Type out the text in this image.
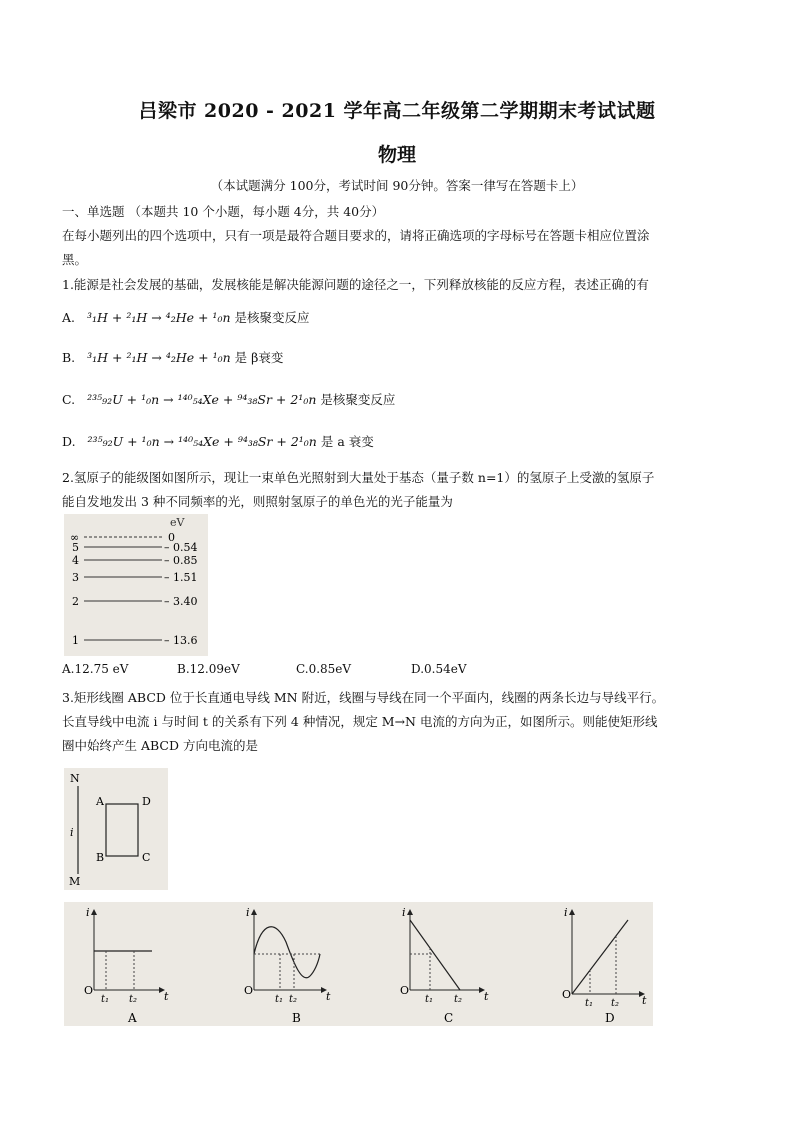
吕梁市 2020 - 2021 学年高二年级第二学期期末考试试题
物理
（本试题满分 100分，考试时间 90分钟。答案一律写在答题卡上）
一、单选题 （本题共 10 个小题，每小题 4分，共 40分）
在每小题列出的四个选项中，只有一项是最符合题目要求的，请将正确选项的字母标号在答题卡相应位置涂
黑。
1.能源是社会发展的基础，发展核能是解决能源问题的途径之一，下列释放核能的反应方程，表述正确的有
A. ³₁H + ²₁H → ⁴₂He + ¹₀n 是核聚变反应
B. ³₁H + ²₁H → ⁴₂He + ¹₀n 是 β衰变
C. ²³⁵₉₂U + ¹₀n → ¹⁴⁰₅₄Xe + ⁹⁴₃₈Sr + 2¹₀n 是核聚变反应
D. ²³⁵₉₂U + ¹₀n → ¹⁴⁰₅₄Xe + ⁹⁴₃₈Sr + 2¹₀n 是 a 衰变
2.氢原子的能级图如图所示，现让一束单色光照射到大量处于基态（量子数 n=1）的氢原子上受激的氢原子
能自发地发出 3 种不同频率的光，则照射氢原子的单色光的光子能量为
eV
∞	0
5	– 0.54
4	– 0.85
3	– 1.51
2	– 3.40
1	– 13.6
A.12.75 eV	B.12.09eV	C.0.85eV	D.0.54eV
3.矩形线圈 ABCD 位于长直通电导线 MN 附近，线圈与导线在同一个平面内，线圈的两条长边与导线平行。
长直导线中电流 i 与时间 t 的关系有下列 4 种情况，规定 M→N 电流的方向为正，如图所示。则能使矩形线
圈中始终产生 ABCD 方向电流的是
N
M
i
A	D
B	C
i
t
O
t₁ t₂
A
i
t
O
t₁ t₂
B
i
t
O
t₁ t₂
C
i
t
O
t₁ t₂
D
